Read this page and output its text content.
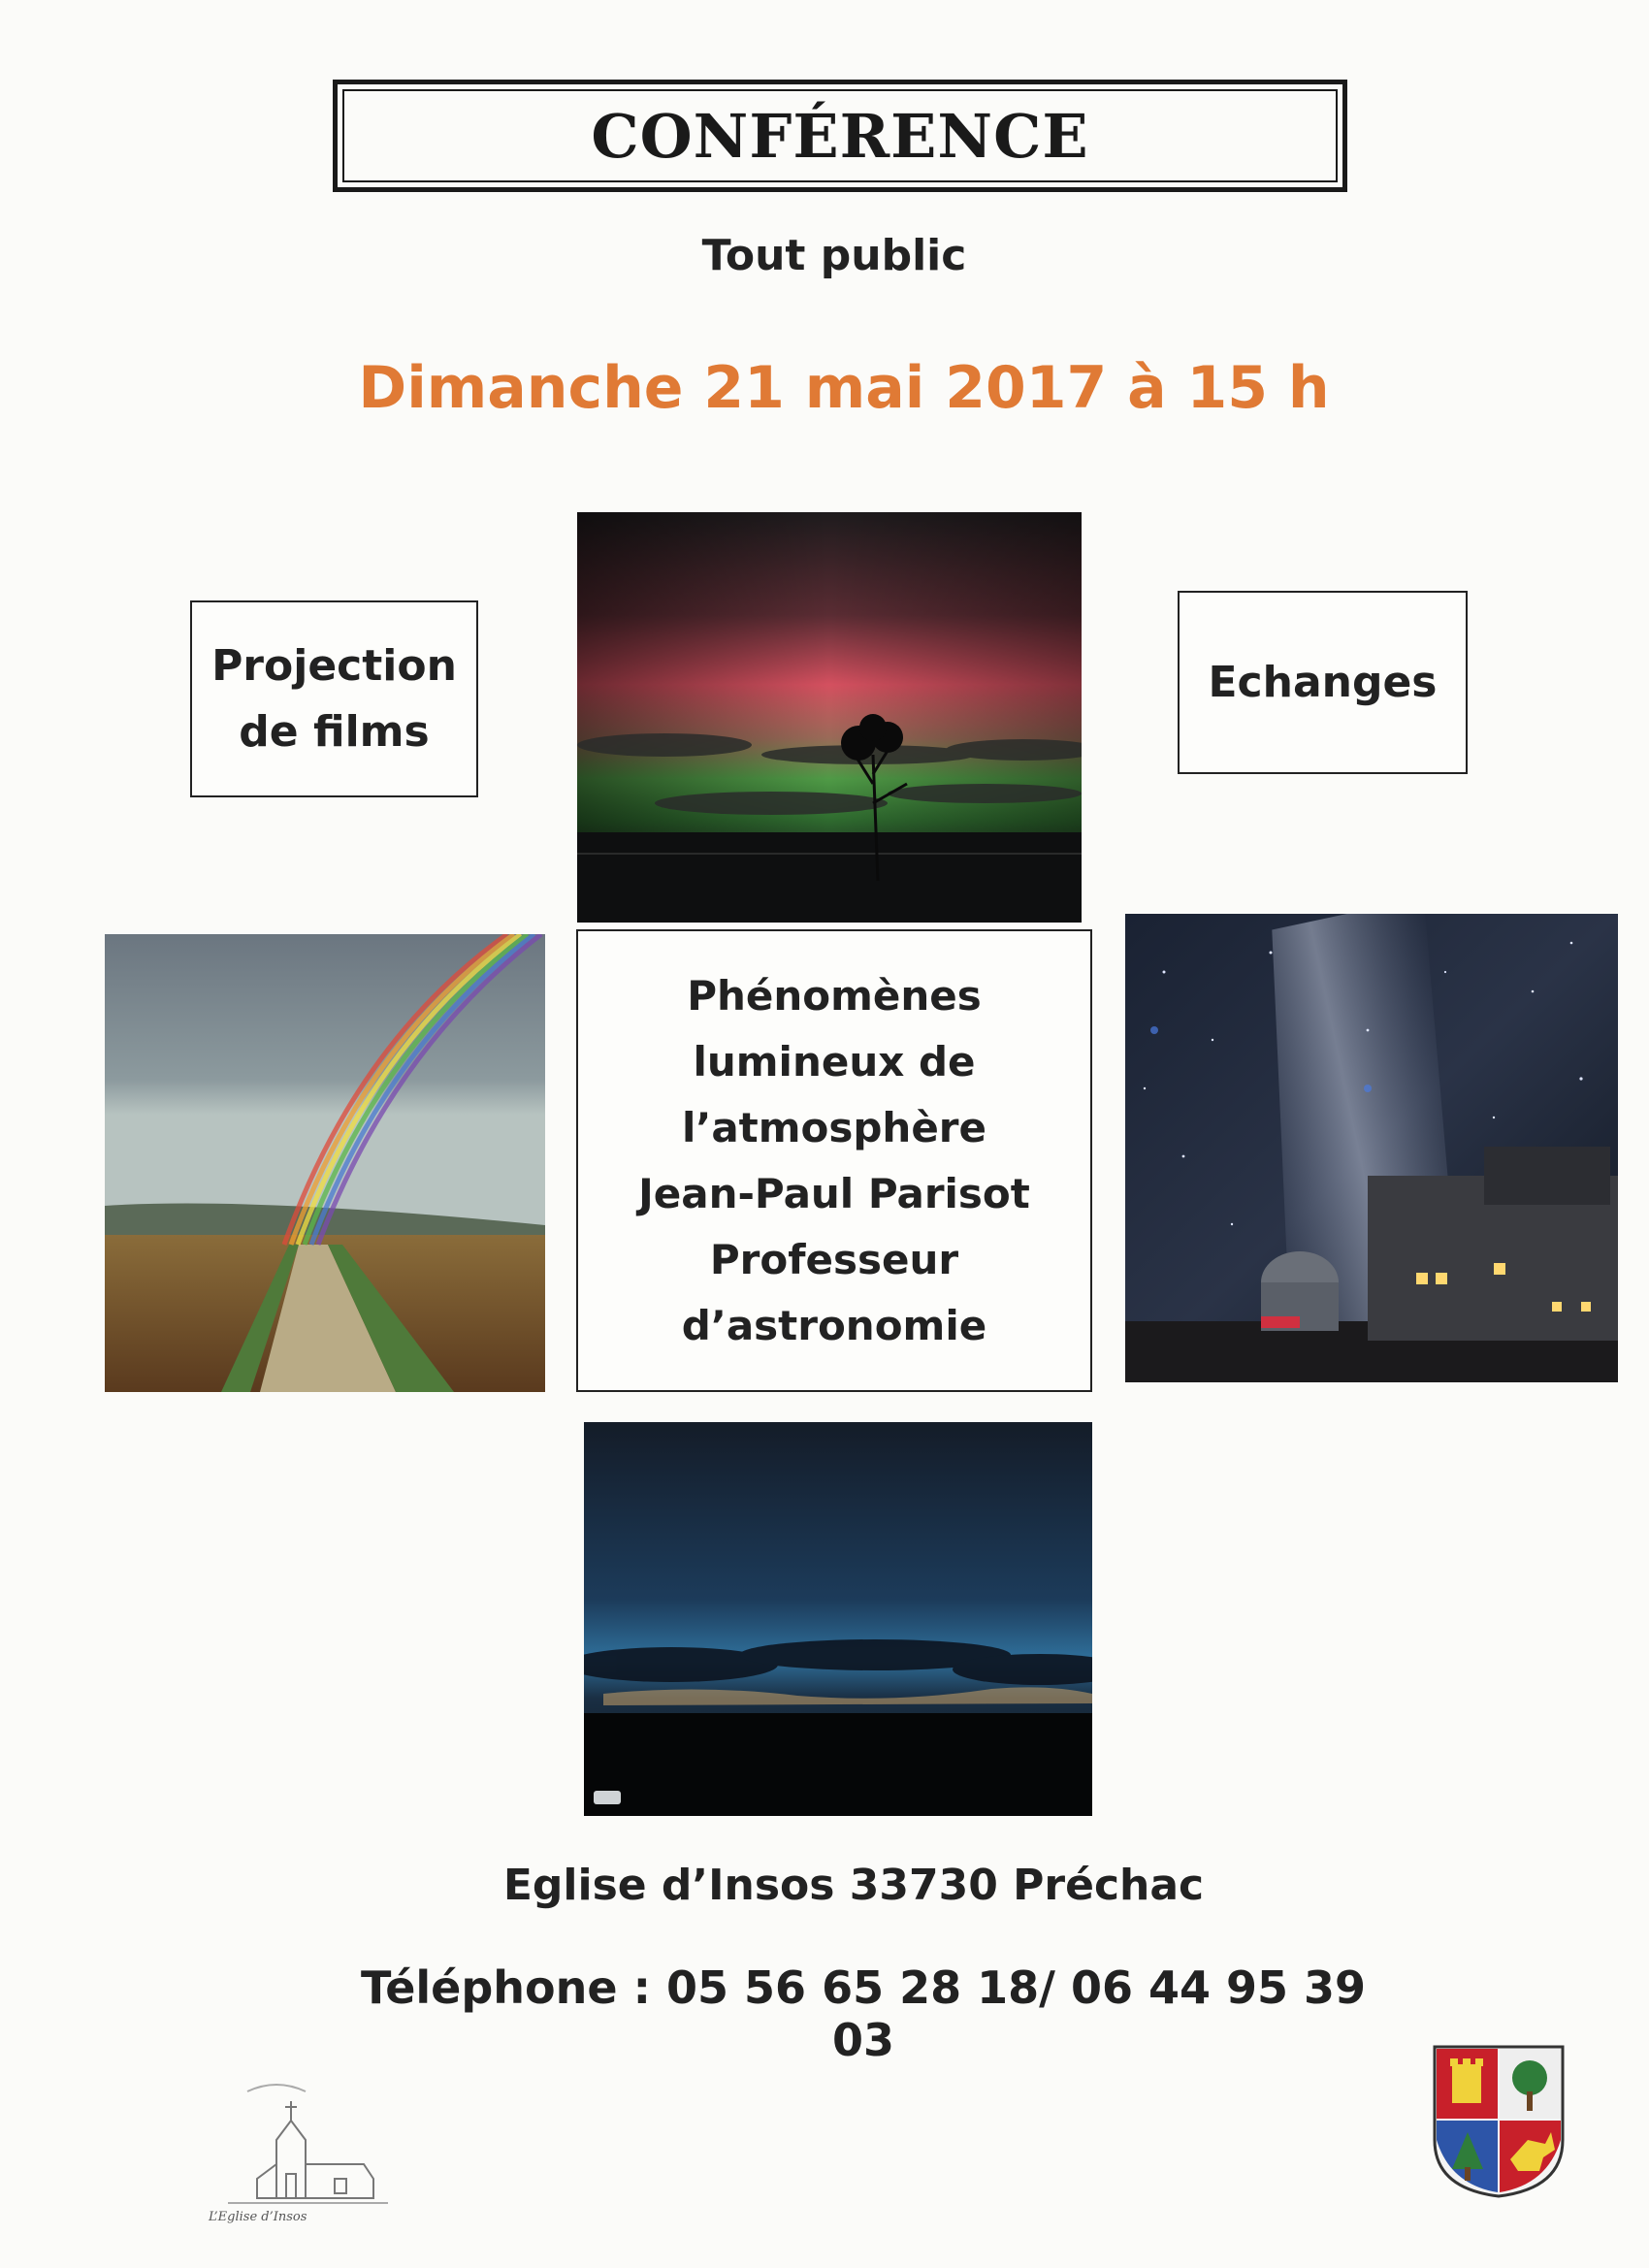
CONFÉRENCE
Tout public
Dimanche 21 mai 2017 à 15 h
Projection
de films
Echanges
Phénomènes
lumineux de
l’atmosphère
Jean-Paul Parisot
Professeur
d’astronomie
Eglise d’Insos 33730 Préchac
Téléphone : 05 56 65 28 18/ 06 44 95 39 03
L’Eglise d’Insos
